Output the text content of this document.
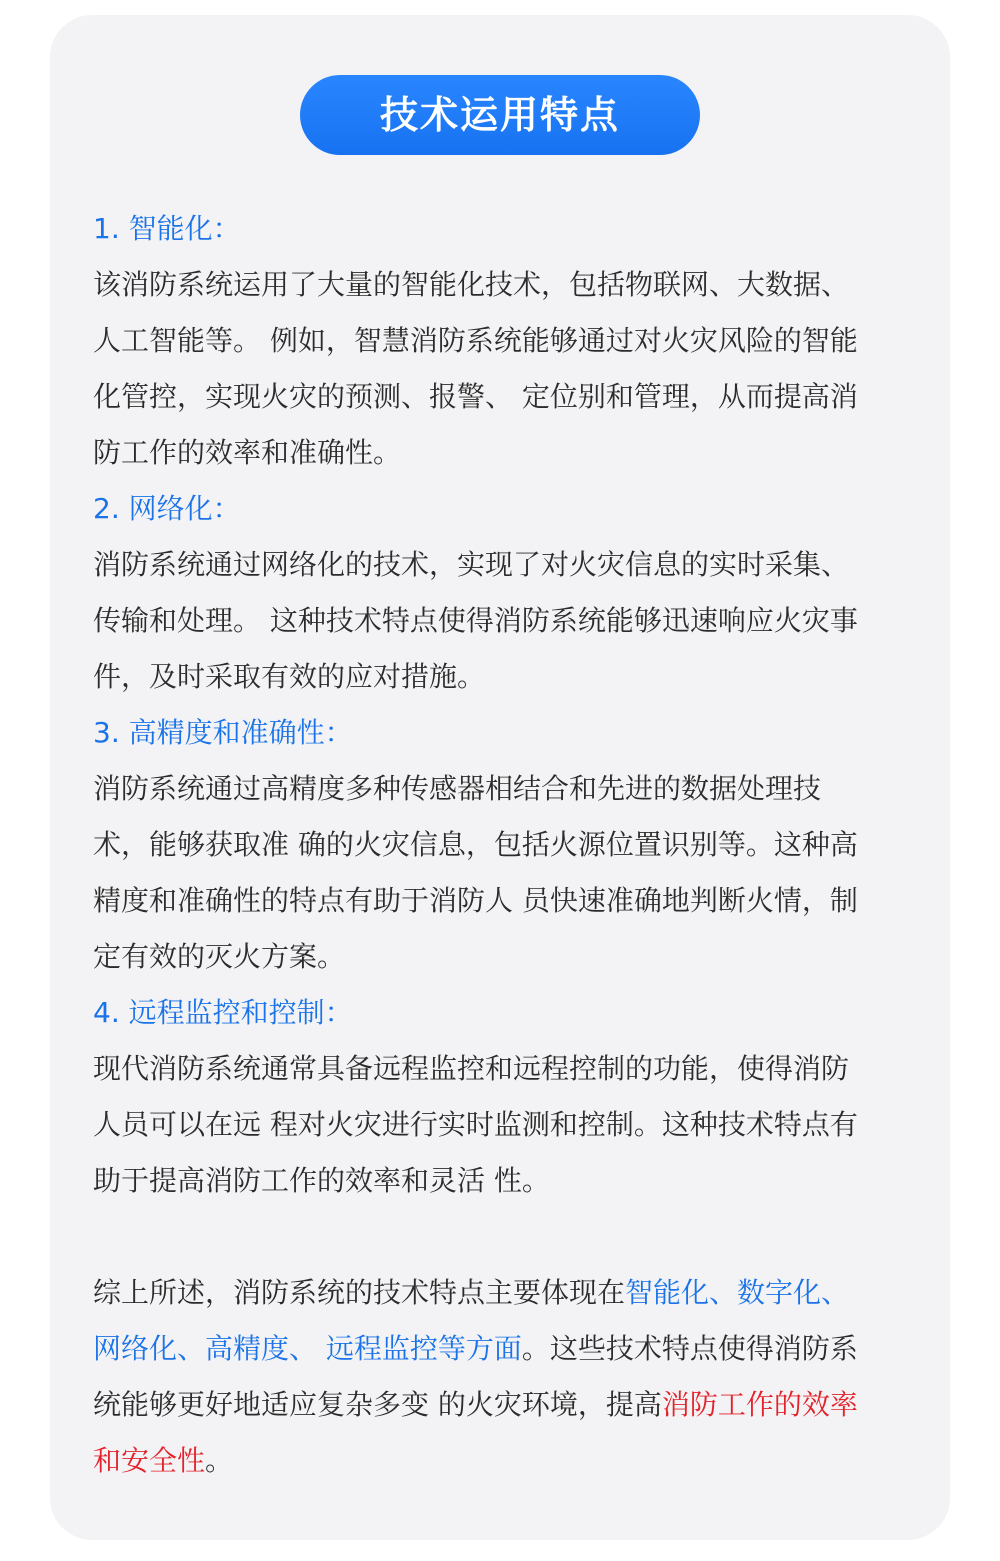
技术运用特点

1. 智能化：

该消防系统运用了大量的智能化技术，包括物联网、大数据、

人工智能等。 例如，智慧消防系统能够通过对火灾风险的智能

化管控，实现火灾的预测、报警、 定位别和管理，从而提高消

防工作的效率和准确性。

2. 网络化：

消防系统通过网络化的技术，实现了对火灾信息的实时采集、

传输和处理。 这种技术特点使得消防系统能够迅速响应火灾事

件，及时采取有效的应对措施。

3. 高精度和准确性：

消防系统通过高精度多种传感器相结合和先进的数据处理技

术，能够获取准 确的火灾信息，包括火源位置识别等。这种高

精度和准确性的特点有助于消防人 员快速准确地判断火情，制

定有效的灭火方案。

4. 远程监控和控制：

现代消防系统通常具备远程监控和远程控制的功能，使得消防

人员可以在远 程对火灾进行实时监测和控制。这种技术特点有

助于提高消防工作的效率和灵活 性。

综上所述，消防系统的技术特点主要体现在智能化、数字化、

网络化、高精度、 远程监控等方面。这些技术特点使得消防系

统能够更好地适应复杂多变 的火灾环境，提高消防工作的效率

和安全性。
